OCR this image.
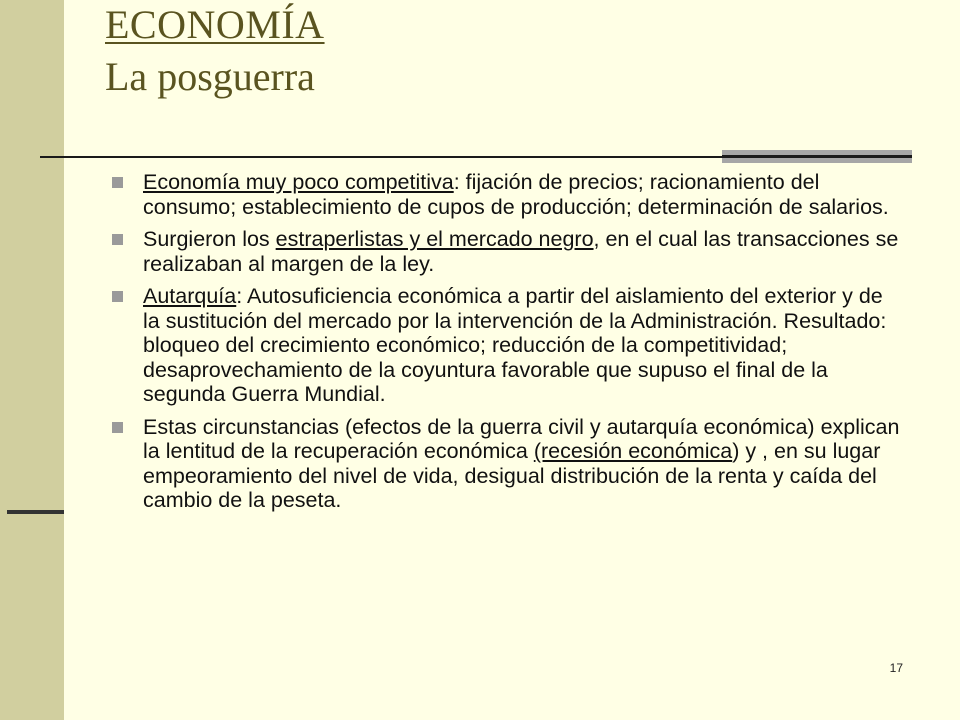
ECONOMÍA
La posguerra
Economía muy poco competitiva: fijación de precios; racionamiento del consumo; establecimiento de cupos de producción; determinación de salarios.
Surgieron los estraperlistas y el mercado negro, en el cual las transacciones se realizaban al margen de la ley.
Autarquía: Autosuficiencia económica a partir del aislamiento del exterior y de la sustitución del mercado por la intervención de la Administración. Resultado: bloqueo del crecimiento económico; reducción de la competitividad; desaprovechamiento de la coyuntura favorable que supuso el final de la segunda Guerra Mundial.
Estas circunstancias (efectos de la guerra civil y autarquía económica) explican la lentitud de la recuperación económica (recesión económica) y , en su lugar empeoramiento del nivel de vida, desigual distribución de la renta y caída del cambio de la peseta.
17
